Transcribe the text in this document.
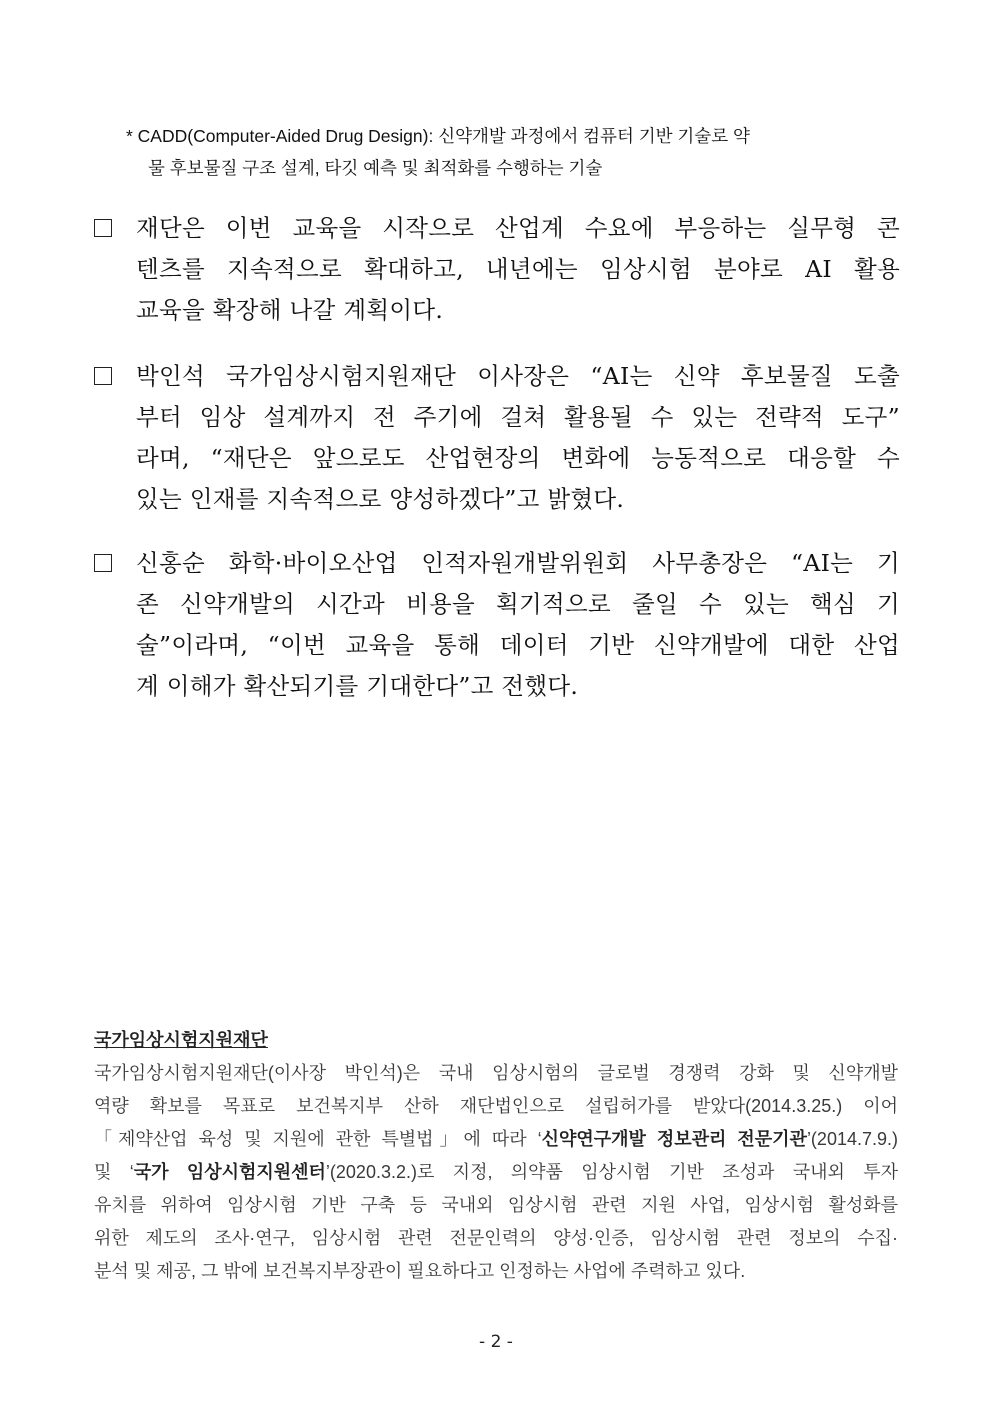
* CADD(Computer-Aided Drug Design): 신약개발 과정에서 컴퓨터 기반 기술로 약
물 후보물질 구조 설계, 타깃 예측 및 최적화를 수행하는 기술
재단은 이번 교육을 시작으로 산업계 수요에 부응하는 실무형 콘
텐츠를 지속적으로 확대하고, 내년에는 임상시험 분야로 AI 활용
교육을 확장해 나갈 계획이다.
박인석 국가임상시험지원재단 이사장은 “AI는 신약 후보물질 도출
부터 임상 설계까지 전 주기에 걸쳐 활용될 수 있는 전략적 도구”
라며, “재단은 앞으로도 산업현장의 변화에 능동적으로 대응할 수
있는 인재를 지속적으로 양성하겠다”고 밝혔다.
신홍순 화학·바이오산업 인적자원개발위원회 사무총장은 “AI는 기
존 신약개발의 시간과 비용을 획기적으로 줄일 수 있는 핵심 기
술”이라며, “이번 교육을 통해 데이터 기반 신약개발에 대한 산업
계 이해가 확산되기를 기대한다”고 전했다.
국가임상시험지원재단
국가임상시험지원재단(이사장 박인석)은 국내 임상시험의 글로벌 경쟁력 강화 및 신약개발
역량 확보를 목표로 보건복지부 산하 재단법인으로 설립허가를 받았다(2014.3.25.) 이어
「제약산업 육성 및 지원에 관한 특별법」에 따라 ‘신약연구개발 정보관리 전문기관’(2014.7.9.)
및 ‘국가 임상시험지원센터’(2020.3.2.)로 지정, 의약품 임상시험 기반 조성과 국내외 투자
유치를 위하여 임상시험 기반 구축 등 국내외 임상시험 관련 지원 사업, 임상시험 활성화를
위한 제도의 조사·연구, 임상시험 관련 전문인력의 양성·인증, 임상시험 관련 정보의 수집·
분석 및 제공, 그 밖에 보건복지부장관이 필요하다고 인정하는 사업에 주력하고 있다.
- 2 -
